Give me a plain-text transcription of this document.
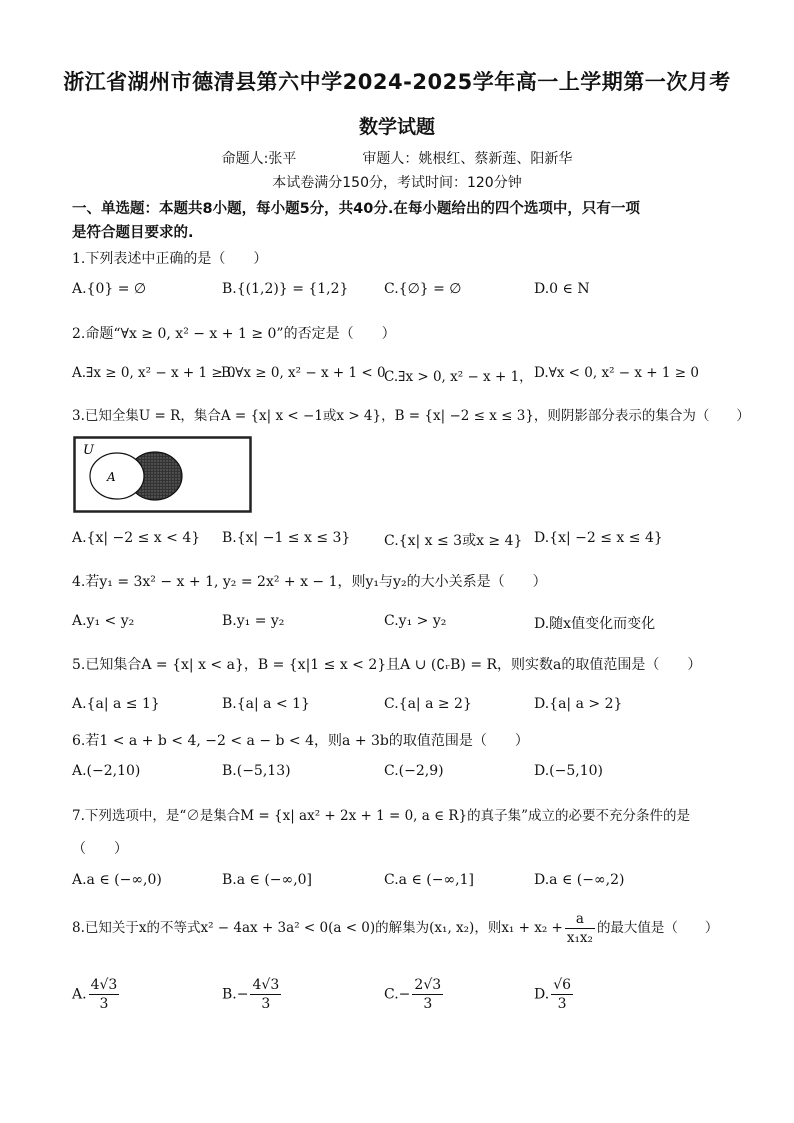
浙江省湖州市德清县第六中学2024-2025学年高一上学期第一次月考
数学试题
命题人:张平	审题人：姚根红、蔡新莲、阳新华
本试卷满分150分，考试时间：120分钟
一、单选题：本题共8小题，每小题5分，共40分.在每小题给出的四个选项中，只有一项
是符合题目要求的.
1.下列表述中正确的是（　　）
A.{0} = ∅	B.{(1,2)} = {1,2}	C.{∅} = ∅	D.0 ∈ N
2.命题“∀x ≥ 0, x² − x + 1 ≥ 0”的否定是（　　）
A.∃x ≥ 0, x² − x + 1 ≥ 0
B.∀x ≥ 0, x² − x + 1 < 0
C.∃x > 0, x² − x + 1， D.∀x < 0, x² − x + 1 ≥ 0
3.已知全集U = R，集合A = {x| x < −1或x > 4}，B = {x| −2 ≤ x ≤ 3}，则阴影部分表示的集合为（　　）
U
A
A.{x| −2 ≤ x < 4} B.{x| −1 ≤ x ≤ 3} C.{x| x ≤ 3或x ≥ 4} D.{x| −2 ≤ x ≤ 4}
4.若y₁ = 3x² − x + 1, y₂ = 2x² + x − 1，则y₁与y₂的大小关系是（　　）
A.y₁ < y₂	B.y₁ = y₂	C.y₁ > y₂	D.随x值变化而变化
5.已知集合A = {x| x < a}，B = {x|1 ≤ x < 2}且A ∪ (∁ᵣB) = R，则实数a的取值范围是（　　）
A.{a| a ≤ 1}	B.{a| a < 1}	C.{a| a ≥ 2}	D.{a| a > 2}
6.若1 < a + b < 4, −2 < a − b < 4，则a + 3b的取值范围是（　　）
A.(−2,10)	B.(−5,13)	C.(−2,9)	D.(−5,10)
7.下列选项中，是“∅是集合M = {x| ax² + 2x + 1 = 0, a ∈ R}的真子集”成立的必要不充分条件的是
（　　）
A.a ∈ (−∞,0)	B.a ∈ (−∞,0]	C.a ∈ (−∞,1]	D.a ∈ (−∞,2)
8.已知关于x的不等式x² − 4ax + 3a² < 0(a < 0)的解集为(x₁, x₂)，则$x_1 + x_2 + \frac{a}{\text{x₁x₂}}$ 的最大值是（　　）
A. $\frac{4√3}{3}$	$B.- \frac{4√3}{3}$	$C.- \frac{2√3}{3}$	D. $\frac{√6}{3}$
